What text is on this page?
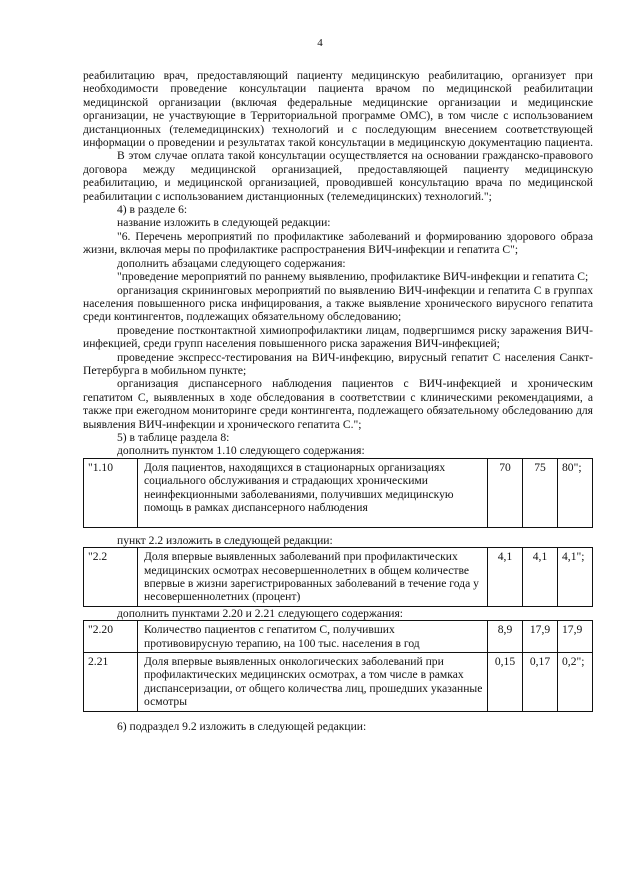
4

реабилитацию врач, предоставляющий пациенту медицинскую реабилитацию, организует при необходимости проведение консультации пациента врачом по медицинской реабилитации медицинской организации (включая федеральные медицинские организации и медицинские организации, не участвующие в Территориальной программе ОМС), в том числе с использованием дистанционных (телемедицинских) технологий и с последующим внесением соответствующей информации о проведении и результатах такой консультации в медицинскую документацию пациента.

В этом случае оплата такой консультации осуществляется на основании гражданско-правового договора между медицинской организацией, предоставляющей пациенту медицинскую реабилитацию, и медицинской организацией, проводившей консультацию врача по медицинской реабилитации с использованием дистанционных (телемедицинских) технологий.";

4) в разделе 6:

название изложить в следующей редакции:

"6. Перечень мероприятий по профилактике заболеваний и формированию здорового образа жизни, включая меры по профилактике распространения ВИЧ-инфекции и гепатита С";

дополнить абзацами следующего содержания:

"проведение мероприятий по раннему выявлению, профилактике ВИЧ-инфекции и гепатита С;

организация скрининговых мероприятий по выявлению ВИЧ-инфекции и гепатита С в группах населения повышенного риска инфицирования, а также выявление хронического вирусного гепатита среди контингентов, подлежащих обязательному обследованию;

проведение постконтактной химиопрофилактики лицам, подвергшимся риску заражения ВИЧ-инфекцией, среди групп населения повышенного риска заражения ВИЧ-инфекцией;

проведение экспресс-тестирования на ВИЧ-инфекцию, вирусный гепатит С населения Санкт-Петербурга в мобильном пункте;

организация диспансерного наблюдения пациентов с ВИЧ-инфекцией и хроническим гепатитом С, выявленных в ходе обследования в соответствии с клиническими рекомендациями, а также при ежегодном мониторинге среди контингента, подлежащего обязательному обследованию для выявления ВИЧ-инфекции и хронического гепатита С.";

5) в таблице раздела 8:

дополнить пунктом 1.10 следующего содержания:

"1.10	Доля пациентов, находящихся в стационарных организациях социального обслуживания и страдающих хроническими неинфекционными заболеваниями, получивших медицинскую помощь в рамках диспансерного наблюдения	70	75	80";

пункт 2.2 изложить в следующей редакции:

"2.2	Доля впервые выявленных заболеваний при профилактических медицинских осмотрах несовершеннолетних в общем количестве впервые в жизни зарегистрированных заболеваний в течение года у несовершеннолетних (процент)	4,1	4,1	4,1";

дополнить пунктами 2.20 и 2.21 следующего содержания:

"2.20	Количество пациентов с гепатитом С, получивших противовирусную терапию, на 100 тыс. населения в год	8,9	17,9	17,9
2.21	Доля впервые выявленных онкологических заболеваний при профилактических медицинских осмотрах, а том числе в рамках диспансеризации, от общего количества лиц, прошедших указанные осмотры	0,15	0,17	0,2";

6) подраздел 9.2 изложить в следующей редакции:
